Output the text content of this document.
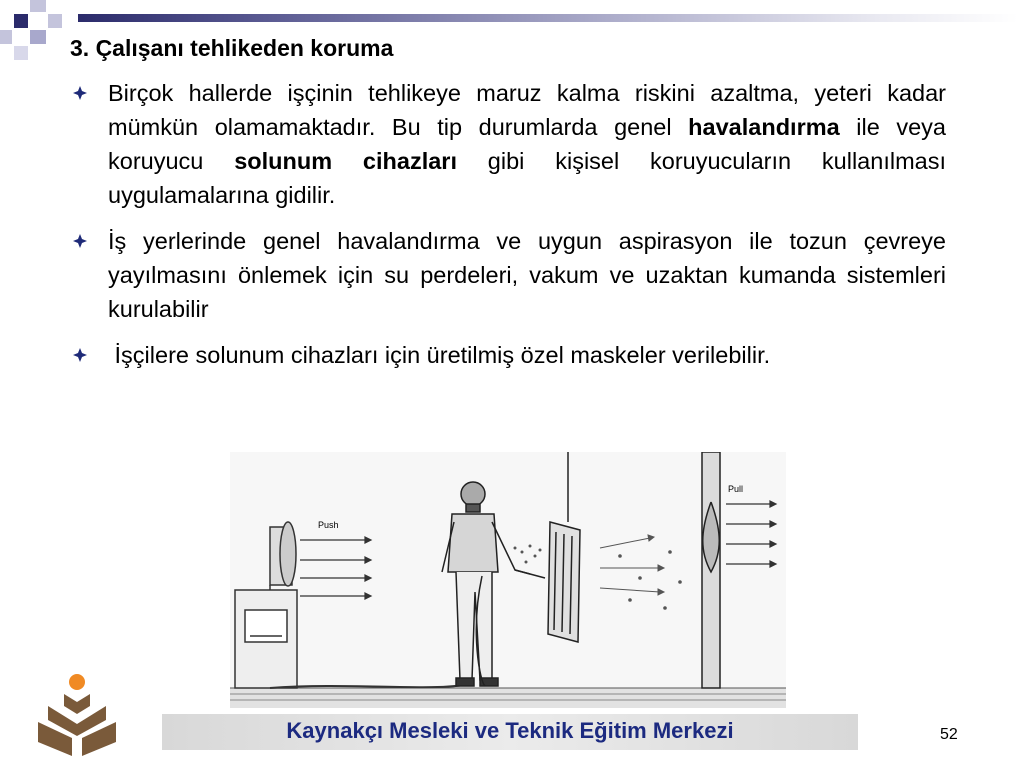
3. Çalışanı tehlikeden koruma
Birçok hallerde işçinin tehlikeye maruz kalma riskini azaltma, yeteri kadar mümkün olamamaktadır. Bu tip durumlarda genel havalandırma ile veya koruyucu solunum cihazları gibi kişisel koruyucuların kullanılması uygulamalarına gidilir.
İş yerlerinde genel havalandırma ve uygun aspirasyon ile tozun çevreye yayılmasını önlemek için su perdeleri, vakum ve uzaktan kumanda sistemleri kurulabilir
İşçilere solunum cihazları için üretilmiş özel maskeler verilebilir.
Push
Pull
Kaynakçı Mesleki ve Teknik Eğitim Merkezi	52
